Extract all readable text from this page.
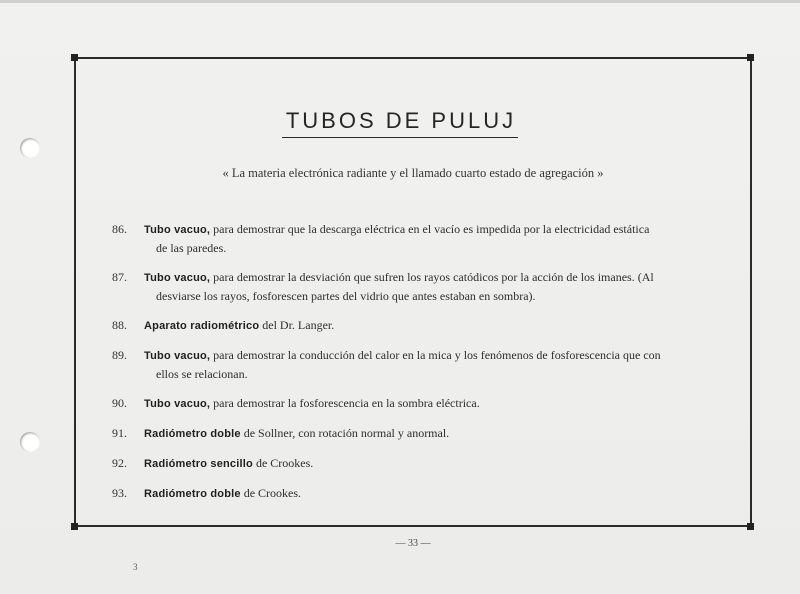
TUBOS DE PULUJ
« La materia electrónica radiante y el llamado cuarto estado de agregación »
86.	Tubo vacuo, para demostrar que la descarga eléctrica en el vacío es impedida por la electricidad estática
de las paredes.
87.	Tubo vacuo, para demostrar la desviación que sufren los rayos catódicos por la acción de los imanes. (Al
desviarse los rayos, fosforescen partes del vidrio que antes estaban en sombra).
88.	Aparato radiométrico del Dr. Langer.
89.	Tubo vacuo, para demostrar la conducción del calor en la mica y los fenómenos de fosforescencia que con
ellos se relacionan.
90.	Tubo vacuo, para demostrar la fosforescencia en la sombra eléctrica.
91.	Radiómetro doble de Sollner, con rotación normal y anormal.
92.	Radiómetro sencillo de Crookes.
93.	Radiómetro doble de Crookes.
— 33 —
3
